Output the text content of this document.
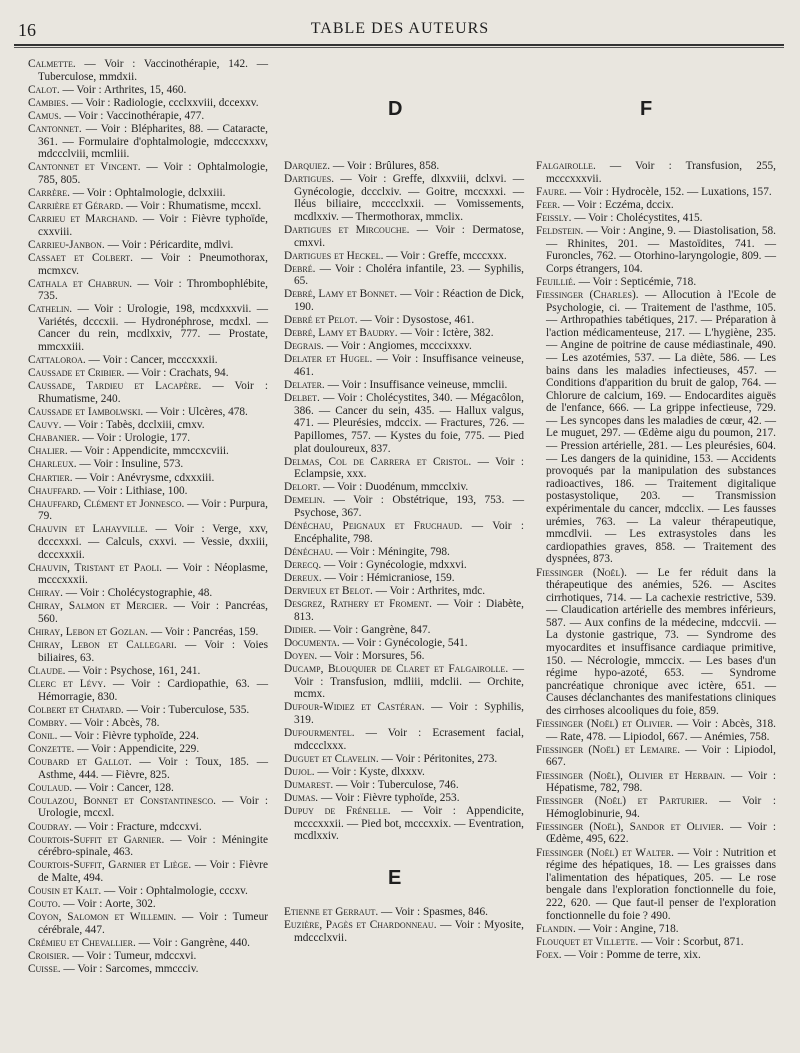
16	TABLE DES AUTEURS

Calmette. — Voir : Vaccinothérapie, 142. — Tuberculose, mmdxii.

Calot. — Voir : Arthrites, 15, 460.

Cambies. — Voir : Radiologie, ccclxxviii, dccexxv.

Camus. — Voir : Vaccinothérapie, 477.

Cantonnet. — Voir : Blépharites, 88. — Cataracte, 361. — Formulaire d'ophtalmologie, mdcccxxxv, mdccclviii, mcmliii.

Cantonnet et Vincent. — Voir : Ophtalmologie, 785, 805.

Carrère. — Voir : Ophtalmologie, dclxxiii.

Carrière et Gérard. — Voir : Rhumatisme, mccxl.

Carrieu et Marchand. — Voir : Fièvre typhoïde, cxxviii.

Carrieu-Janbon. — Voir : Péricardite, mdlvi.

Cassaet et Colbert. — Voir : Pneumothorax, mcmxcv.

Cathala et Chabrun. — Voir : Thrombophlébite, 735.

Cathelin. — Voir : Urologie, 198, mcdxxxvii. — Variétés, dcccxii. — Hydronéphrose, mcdxl. — Cancer du rein, mcdlxxiv, 777. — Prostate, mmcxxiii.

Cattaloroa. — Voir : Cancer, mcccxxxii.

Caussade et Cribier. — Voir : Crachats, 94.

Caussade, Tardieu et Lacapère. — Voir : Rhumatisme, 240.

Caussade et Iambolwski. — Voir : Ulcères, 478.

Cauvy. — Voir : Tabès, dcclxiii, cmxv.

Chabanier. — Voir : Urologie, 177.

Chalier. — Voir : Appendicite, mmccxcviii.

Charleux. — Voir : Insuline, 573.

Chartier. — Voir : Anévrysme, cdxxxiii.

Chauffard. — Voir : Lithiase, 100.

Chauffard, Clément et Jonnesco. — Voir : Purpura, 79.

Chauvin et Lahayville. — Voir : Verge, xxv, dcccxxxi. — Calculs, cxxvi. — Vessie, dxxiii, dcccxxxii.

Chauvin, Tristant et Paoli. — Voir : Néoplasme, mcccxxxii.

Chiray. — Voir : Cholécystographie, 48.

Chiray, Salmon et Mercier. — Voir : Pancréas, 560.

Chiray, Lebon et Gozlan. — Voir : Pancréas, 159.

Chiray, Lebon et Callegari. — Voir : Voies biliaires, 63.

Claude. — Voir : Psychose, 161, 241.

Clerc et Lévy. — Voir : Cardiopathie, 63. — Hémorragie, 830.

Colbert et Chatard. — Voir : Tuberculose, 535.

Combry. — Voir : Abcès, 78.

Conil. — Voir : Fièvre typhoïde, 224.

Conzette. — Voir : Appendicite, 229.

Coubard et Gallot. — Voir : Toux, 185. — Asthme, 444. — Fièvre, 825.

Coulaud. — Voir : Cancer, 128.

Coulazou, Bonnet et Constantinesco. — Voir : Urologie, mccxl.

Coudray. — Voir : Fracture, mdccxvi.

Courtois-Suffit et Garnier. — Voir : Méningite cérébro-spinale, 463.

Courtois-Suffit, Garnier et Liège. — Voir : Fièvre de Malte, 494.

Cousin et Kalt. — Voir : Ophtalmologie, cccxv.

Couto. — Voir : Aorte, 302.

Coyon, Salomon et Willemin. — Voir : Tumeur cérébrale, 447.

Crémieu et Chevallier. — Voir : Gangrène, 440.

Croisier. — Voir : Tumeur, mdccxvi.

Cuisse. — Voir : Sarcomes, mmccciv.

D

Darquiez. — Voir : Brûlures, 858.

Dartigues. — Voir : Greffe, dlxxviii, dclxvi. — Gynécologie, dccclxiv. — Goitre, mccxxxi. — Iléus biliaire, mcccclxxii. — Vomissements, mcdlxxiv. — Thermothorax, mmclix.

Dartigues et Mircouche. — Voir : Dermatose, cmxvi.

Dartigues et Heckel. — Voir : Greffe, mcccxxx.

Debré. — Voir : Choléra infantile, 23. — Syphilis, 65.

Debré, Lamy et Bonnet. — Voir : Réaction de Dick, 190.

Debré et Pelot. — Voir : Dysostose, 461.

Debré, Lamy et Baudry. — Voir : Ictère, 382.

Degrais. — Voir : Angiomes, mcccixxxv.

Delater et Hugel. — Voir : Insuffisance veineuse, 461.

Delater. — Voir : Insuffisance veineuse, mmclii.

Delbet. — Voir : Cholécystites, 340. — Mégacôlon, 386. — Cancer du sein, 435. — Hallux valgus, 471. — Pleurésies, mdccix. — Fractures, 726. — Papillomes, 757. — Kystes du foie, 775. — Pied plat douloureux, 837.

Delmas, Col de Carrera et Cristol. — Voir : Eclampsie, xxx.

Delort. — Voir : Duodénum, mmcclxiv.

Demelin. — Voir : Obstétrique, 193, 753. — Psychose, 367.

Dénéchau, Peignaux et Fruchaud. — Voir : Encéphalite, 798.

Dénéchau. — Voir : Méningite, 798.

Derecq. — Voir : Gynécologie, mdxxvi.

Dereux. — Voir : Hémicraniose, 159.

Dervieux et Belot. — Voir : Arthrites, mdc.

Desgrez, Rathery et Froment. — Voir : Diabète, 813.

Didier. — Voir : Gangrène, 847.

Documenta. — Voir : Gynécologie, 541.

Doyen. — Voir : Morsures, 56.

Ducamp, Blouquier de Claret et Falgairolle. — Voir : Transfusion, mdliii, mdclii. — Orchite, mcmx.

Dufour-Widiez et Castéran. — Voir : Syphilis, 319.

Dufourmentel. — Voir : Ecrasement facial, mdccclxxx.

Duguet et Clavelin. — Voir : Péritonites, 273.

Dujol. — Voir : Kyste, dlxxxv.

Dumarest. — Voir : Tuberculose, 746.

Dumas. — Voir : Fièvre typhoïde, 253.

Dupuy de Frénelle. — Voir : Appendicite, mcccxxxii. — Pied bot, mcccxxix. — Eventration, mcdlxxiv.

E

Etienne et Gerraut. — Voir : Spasmes, 846.

Euzière, Pagès et Chardonneau. — Voir : Myosite, mdccclxvii.

F

Falgairolle. — Voir : Transfusion, 255, mcccxxxvii.

Faure. — Voir : Hydrocèle, 152. — Luxations, 157.

Feer. — Voir : Eczéma, dccix.

Feissly. — Voir : Cholécystites, 415.

Feldstein. — Voir : Angine, 9. — Diastolisation, 58. — Rhinites, 201. — Mastoïdites, 741. — Furoncles, 762. — Otorhino-laryngologie, 809. — Corps étrangers, 104.

Feuillié. — Voir : Septicémie, 718.

Fiessinger (Charles). — Allocution à l'Ecole de Psychologie, ci. — Traitement de l'asthme, 105. — Arthropathies tabétiques, 217. — Préparation à l'action médicamenteuse, 217. — L'hygiène, 235. — Angine de poitrine de cause médiastinale, 490. — Les azotémies, 537. — La diète, 586. — Les bains dans les maladies infectieuses, 457. — Conditions d'apparition du bruit de galop, 764. — Chlorure de calcium, 169. — Endocardites aiguës de l'enfance, 666. — La grippe infectieuse, 729. — Les syncopes dans les maladies de cœur, 42. — Le muguet, 297. — Œdème aigu du poumon, 217. — Pression artérielle, 281. — Les pleurésies, 604. — Les dangers de la quinidine, 153. — Accidents provoqués par la manipulation des substances radioactives, 186. — Traitement digitalique postasystolique, 203. — Transmission expérimentale du cancer, mdcclix. — Les fausses urémies, 763. — La valeur thérapeutique, mmcdlvii. — Les extrasystoles dans les cardiopathies graves, 858. — Traitement des dyspnées, 873.

Fiessinger (Noël). — Le fer réduit dans la thérapeutique des anémies, 526. — Ascites cirrhotiques, 714. — La cachexie restrictive, 539. — Claudication artérielle des membres inférieurs, 587. — Aux confins de la médecine, mdccvii. — La dystonie gastrique, 73. — Syndrome des myocardites et insuffisance cardiaque primitive, 150. — Nécrologie, mmccix. — Les bases d'un régime hypo-azoté, 653. — Syndrome pancréatique chronique avec ictère, 651. — Causes déclanchantes des manifestations cliniques des cirrhoses alcooliques du foie, 859.

Fiessinger (Noël) et Olivier. — Voir : Abcès, 318. — Rate, 478. — Lipiodol, 667. — Anémies, 758.

Fiessinger (Noël) et Lemaire. — Voir : Lipiodol, 667.

Fiessinger (Noël), Olivier et Herbain. — Voir : Hépatisme, 782, 798.

Fiessinger (Noël) et Parturier. — Voir : Hémoglobinurie, 94.

Fiessinger (Noël), Sandor et Olivier. — Voir : Œdème, 495, 622.

Fiessinger (Noël) et Walter. — Voir : Nutrition et régime des hépatiques, 18. — Les graisses dans l'alimentation des hépatiques, 205. — Le rose bengale dans l'exploration fonctionnelle du foie, 222, 620. — Que faut-il penser de l'exploration fonctionnelle du foie ? 490.

Flandin. — Voir : Angine, 718.

Flouquet et Villette. — Voir : Scorbut, 871.

Foex. — Voir : Pomme de terre, xix.
